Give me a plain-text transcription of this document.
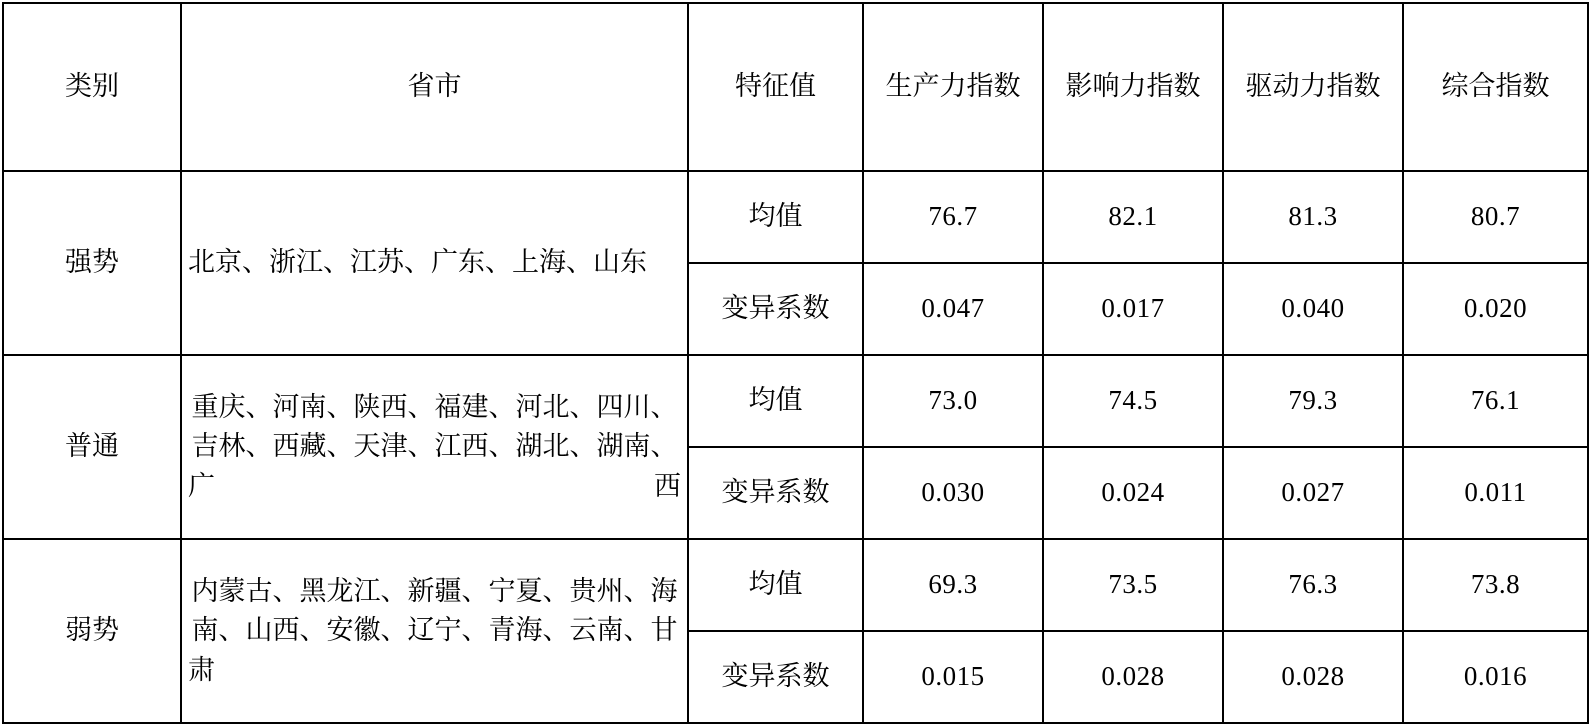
类别	省市	特征值	生产力指数	影响力指数	驱动力指数	综合指数
强势	北京、浙江、江苏、广东、上海、山东	均值	76.7	82.1	81.3	80.7
		变异系数	0.047	0.017	0.040	0.020
普通	重庆、河南、陕西、福建、河北、四川、吉林、西藏、天津、江西、湖北、湖南、广西	均值	73.0	74.5	79.3	76.1
		变异系数	0.030	0.024	0.027	0.011
弱势	内蒙古、黑龙江、新疆、宁夏、贵州、海南、山西、安徽、辽宁、青海、云南、甘肃	均值	69.3	73.5	76.3	73.8
		变异系数	0.015	0.028	0.028	0.016
